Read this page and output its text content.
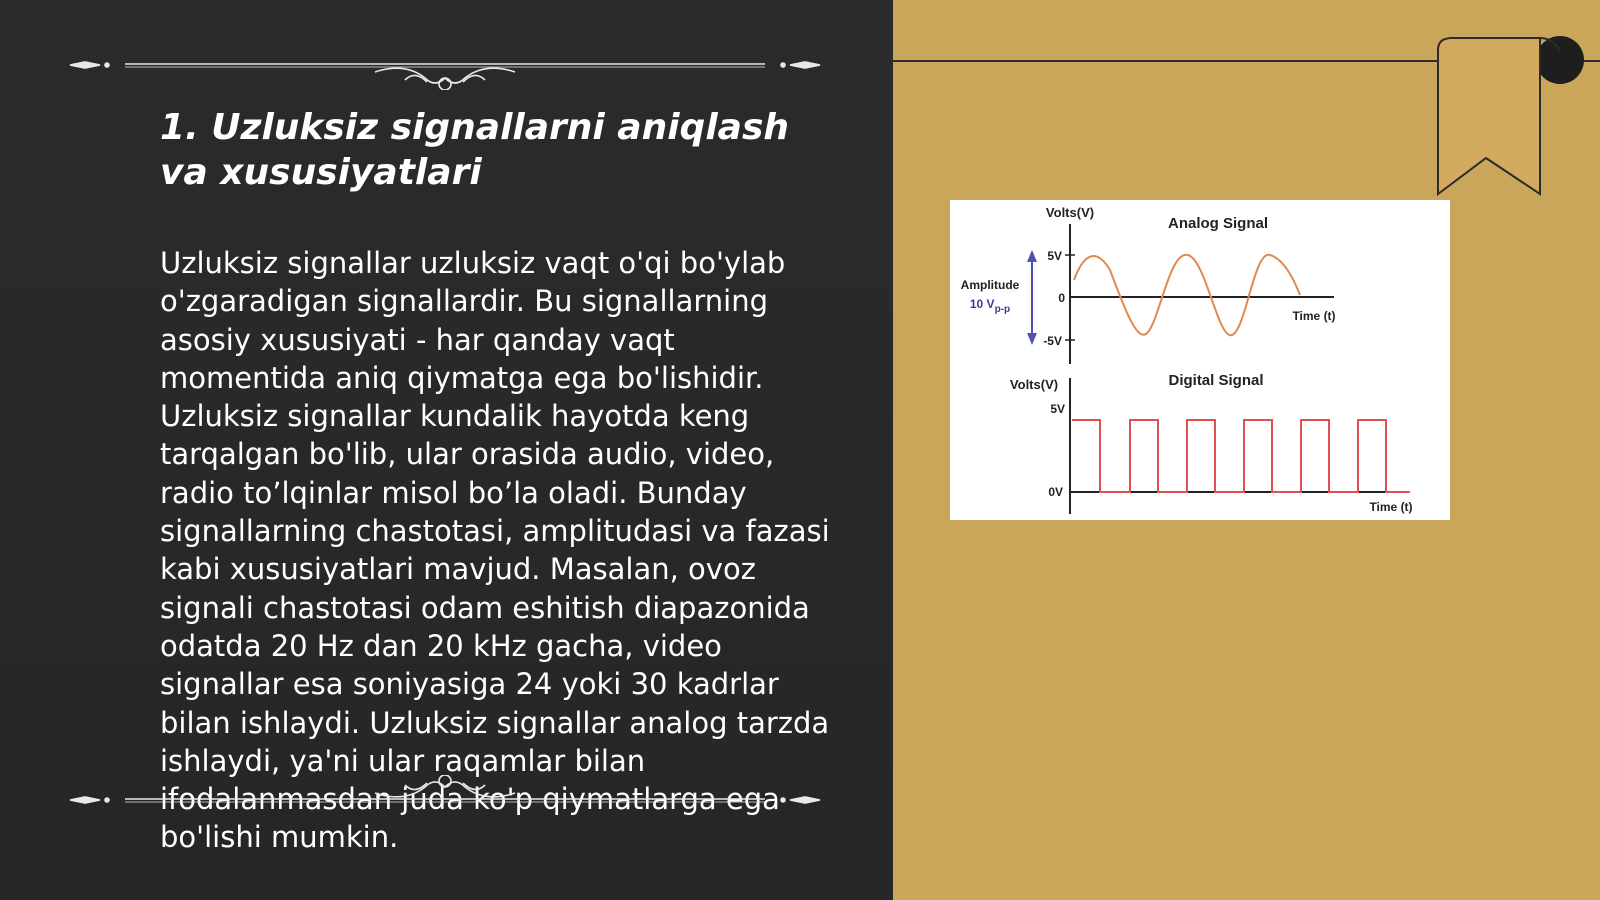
1. Uzluksiz signallarni aniqlash va xususiyatlari

Uzluksiz signallar uzluksiz vaqt o'qi bo'ylab o'zgaradigan signallardir. Bu signallarning asosiy xususiyati - har qanday vaqt momentida aniq qiymatga ega bo'lishidir. Uzluksiz signallar kundalik hayotda keng tarqalgan bo'lib, ular orasida audio, video, radio to’lqinlar misol bo’la oladi. Bunday signallarning chastotasi, amplitudasi va fazasi kabi xususiyatlari mavjud. Masalan, ovoz signali chastotasi odam eshitish diapazonida odatda 20 Hz dan 20 kHz gacha, video signallar esa soniyasiga 24 yoki 30 kadrlar bilan ishlaydi. Uzluksiz signallar analog tarzda ishlaydi, ya'ni ular raqamlar bilan ifodalanmasdan juda ko'p qiymatlarga ega bo'lishi mumkin.

Volts(V)
Analog Signal
5V
0
-5V
Time (t)
Amplitude
10 $V_{p-p}$
Volts(V)	Digital Signal
5V
0V
Time (t)
